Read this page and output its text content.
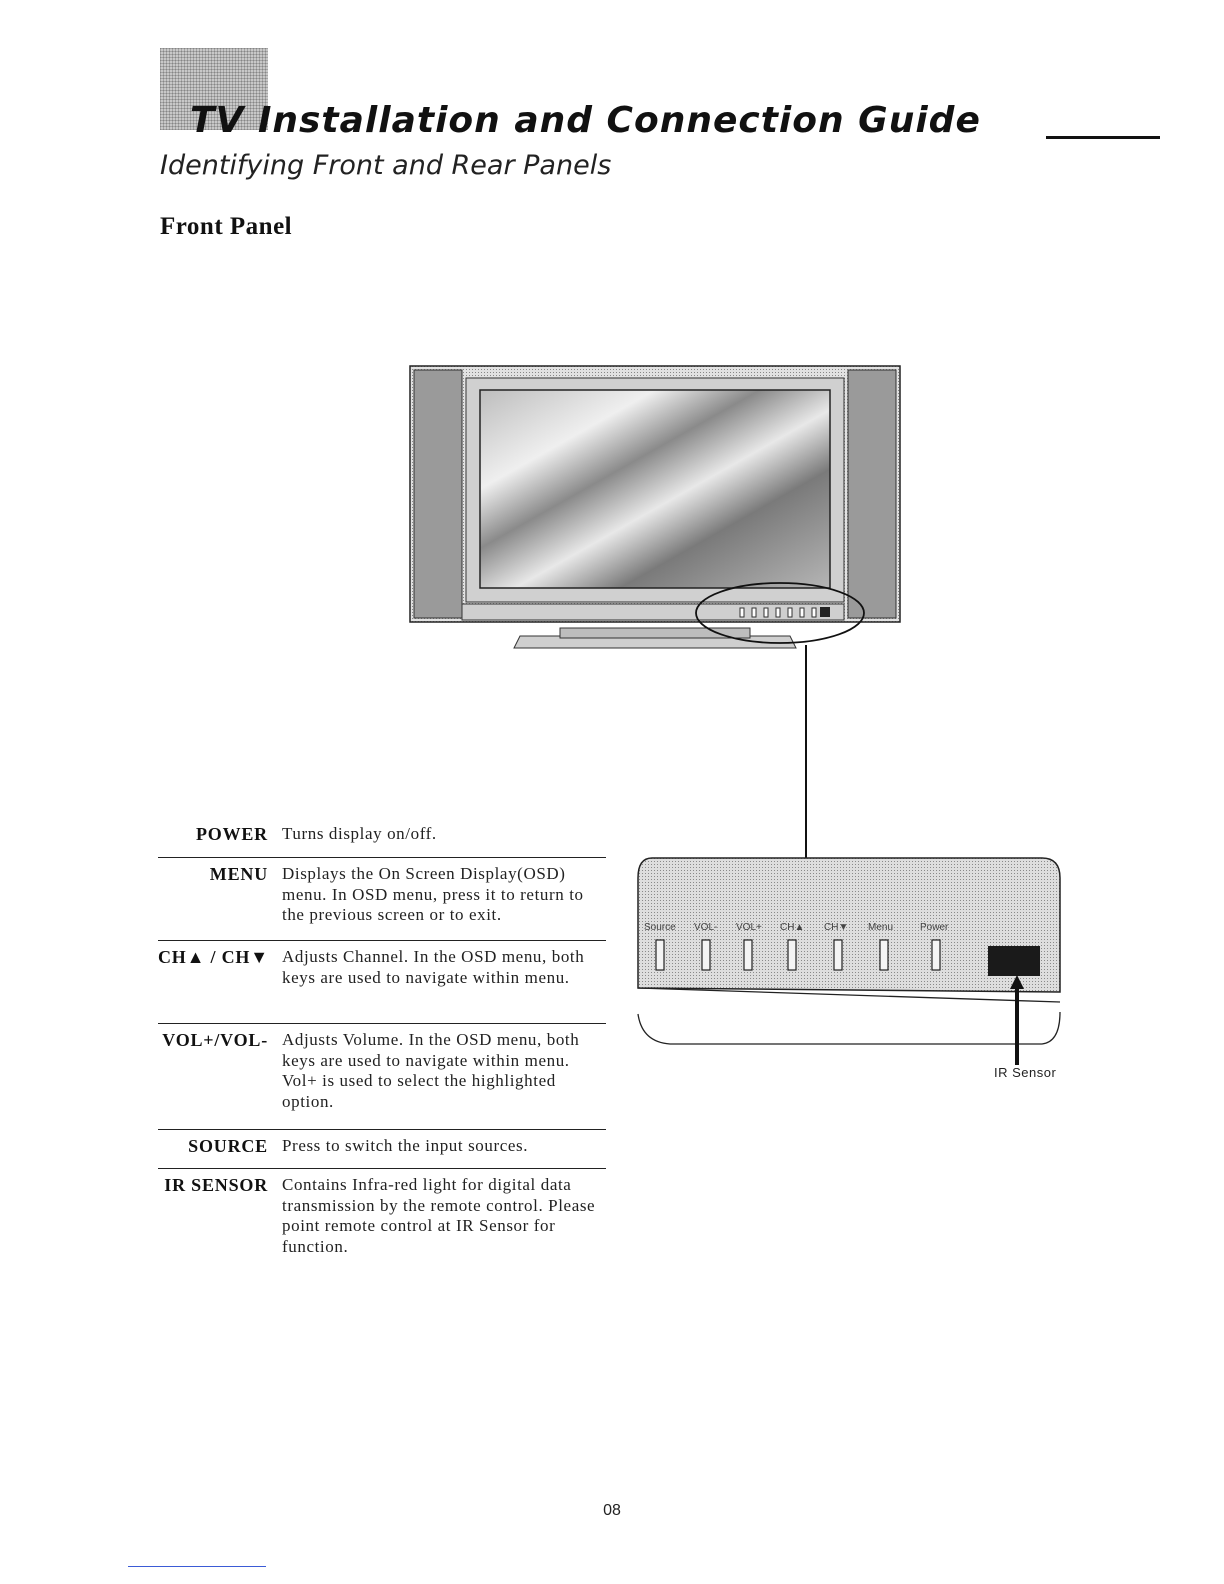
TV Installation and Connection Guide
Identifying Front and Rear Panels
Front Panel
Source VOL- VOL+ CH▲ CH▼ Menu	Power
IR Sensor
POWER Turns display on/off.
MENU Displays the On Screen Display(OSD) menu. In OSD menu, press it to return to the previous screen or to exit.
CH▲ / CH▼ Adjusts Channel. In the OSD menu, both keys are used to navigate within menu.
VOL+/VOL- Adjusts Volume. In the OSD menu, both keys are used to navigate within menu. Vol+ is used to select the highlighted option.
SOURCE Press to switch the input sources.
IR SENSOR Contains Infra-red light for digital data transmission by the remote control. Please point remote control at IR Sensor for function.
08
